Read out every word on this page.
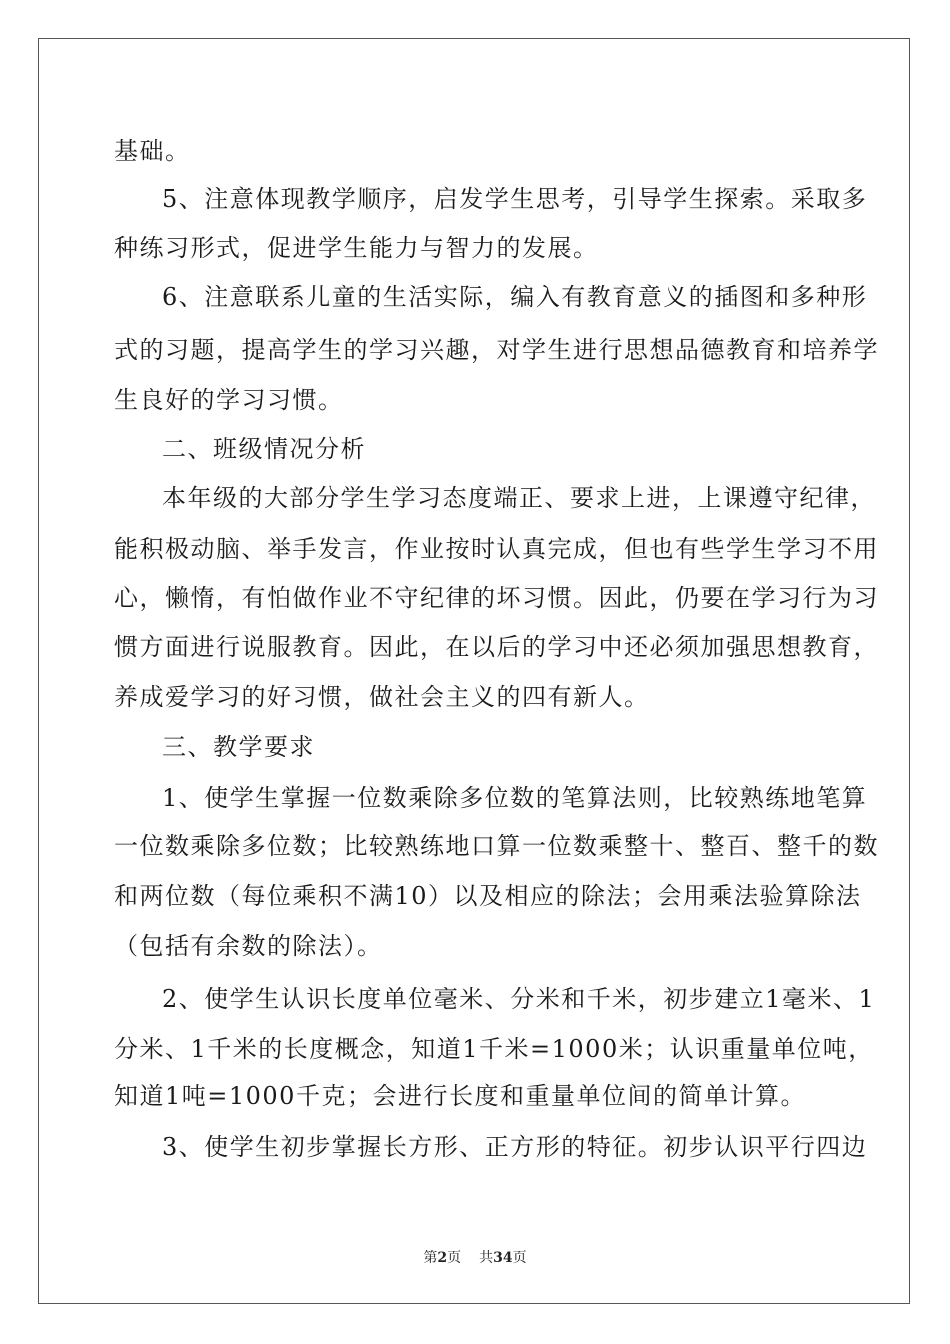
基础。
5、注意体现教学顺序，启发学生思考，引导学生探索。采取多
种练习形式，促进学生能力与智力的发展。
6、注意联系儿童的生活实际，编入有教育意义的插图和多种形
式的习题，提高学生的学习兴趣，对学生进行思想品德教育和培养学
生良好的学习习惯。
二、班级情况分析
本年级的大部分学生学习态度端正、要求上进，上课遵守纪律，
能积极动脑、举手发言，作业按时认真完成，但也有些学生学习不用
心，懒惰，有怕做作业不守纪律的坏习惯。因此，仍要在学习行为习
惯方面进行说服教育。因此，在以后的学习中还必须加强思想教育，
养成爱学习的好习惯，做社会主义的四有新人。
三、教学要求
1、使学生掌握一位数乘除多位数的笔算法则，比较熟练地笔算
一位数乘除多位数；比较熟练地口算一位数乘整十、整百、整千的数
和两位数（每位乘积不满10）以及相应的除法；会用乘法验算除法
（包括有余数的除法）。
2、使学生认识长度单位毫米、分米和千米，初步建立1毫米、1
分米、1千米的长度概念，知道1千米=1000米；认识重量单位吨，
知道1吨=1000千克；会进行长度和重量单位间的简单计算。
3、使学生初步掌握长方形、正方形的特征。初步认识平行四边
第2页 共34页
